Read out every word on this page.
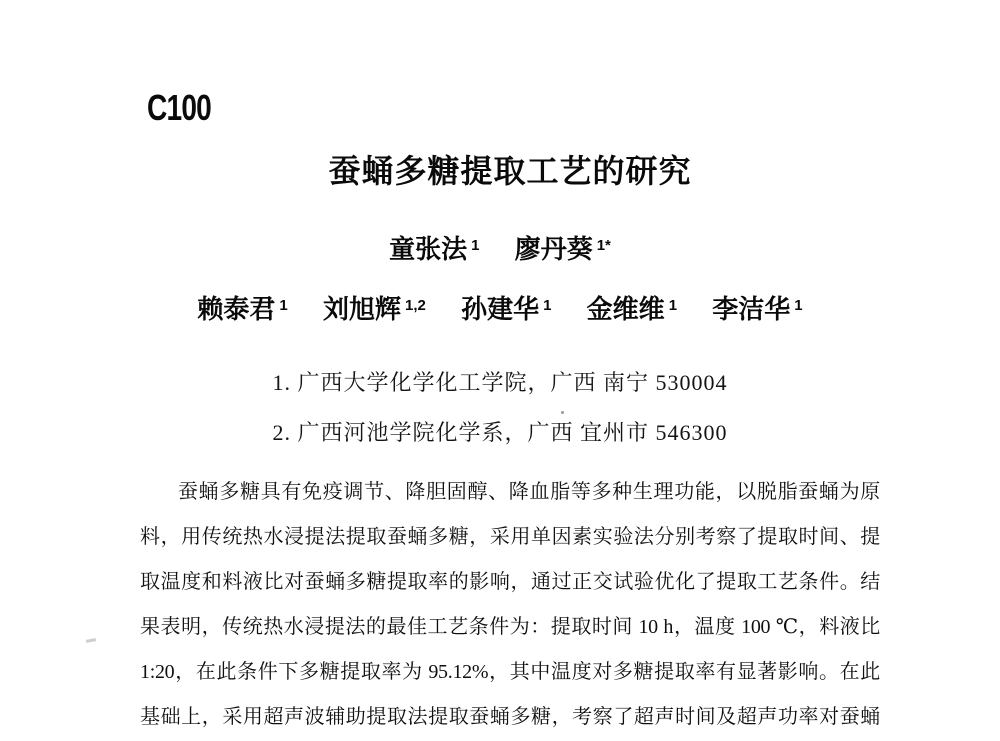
C100
蚕蛹多糖提取工艺的研究
童张法 $^1$ 廖丹葵 $^{1*}$
赖泰君 $^1$ 刘旭辉 $^{1,2}$ 孙建华 $^1$ 金维维 $^1$ 李洁华 $^1$
1. 广西大学化学化工学院，广西 南宁 530004
2. 广西河池学院化学系，广西 宜州市 546300
蚕蛹多糖具有免疫调节、降胆固醇、降血脂等多种生理功能，以脱脂蚕蛹为原
料，用传统热水浸提法提取蚕蛹多糖，采用单因素实验法分别考察了提取时间、提
取温度和料液比对蚕蛹多糖提取率的影响，通过正交试验优化了提取工艺条件。结
果表明，传统热水浸提法的最佳工艺条件为：提取时间 10 h，温度 100 ℃，料液比
1:20，在此条件下多糖提取率为 95.12%，其中温度对多糖提取率有显著影响。在此
基础上，采用超声波辅助提取法提取蚕蛹多糖，考察了超声时间及超声功率对蚕蛹
